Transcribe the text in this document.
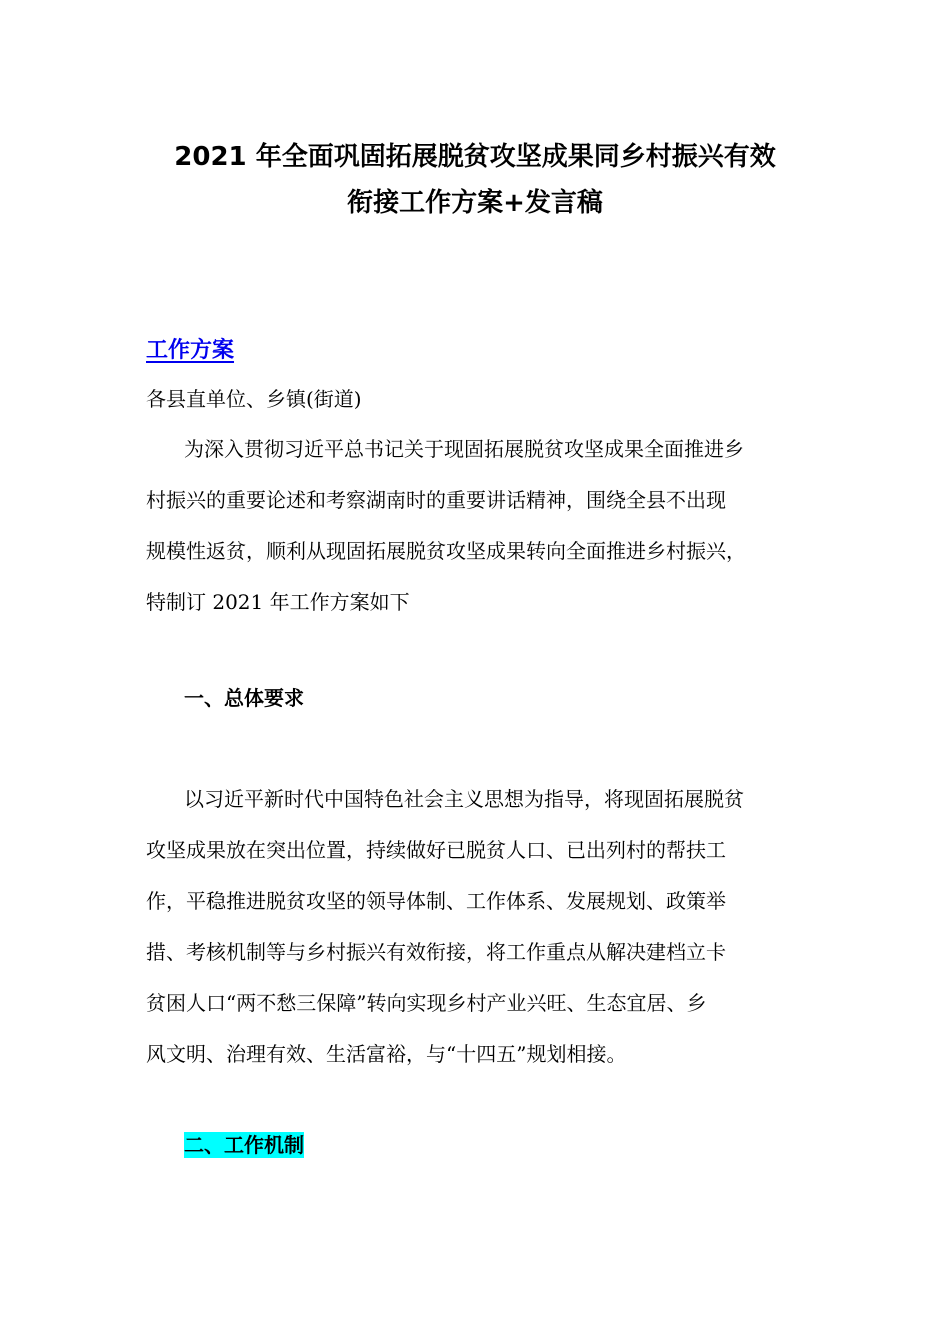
2021 年全面巩固拓展脱贫攻坚成果同乡村振兴有效
衔接工作方案+发言稿
工作方案
各县直单位、乡镇(街道)
为深入贯彻习近平总书记关于现固拓展脱贫攻坚成果全面推进乡
村振兴的重要论述和考察湖南时的重要讲话精神，围绕全县不出现
规模性返贫，顺利从现固拓展脱贫攻坚成果转向全面推进乡村振兴，
特制订 2021 年工作方案如下
一、总体要求
以习近平新时代中国特色社会主义思想为指导，将现固拓展脱贫
攻坚成果放在突出位置，持续做好已脱贫人口、已出列村的帮扶工
作，平稳推进脱贫攻坚的领导体制、工作体系、发展规划、政策举
措、考核机制等与乡村振兴有效衔接，将工作重点从解决建档立卡
贫困人口“两不愁三保障”转向实现乡村产业兴旺、生态宜居、乡
风文明、治理有效、生活富裕，与“十四五”规划相接。
二、工作机制
